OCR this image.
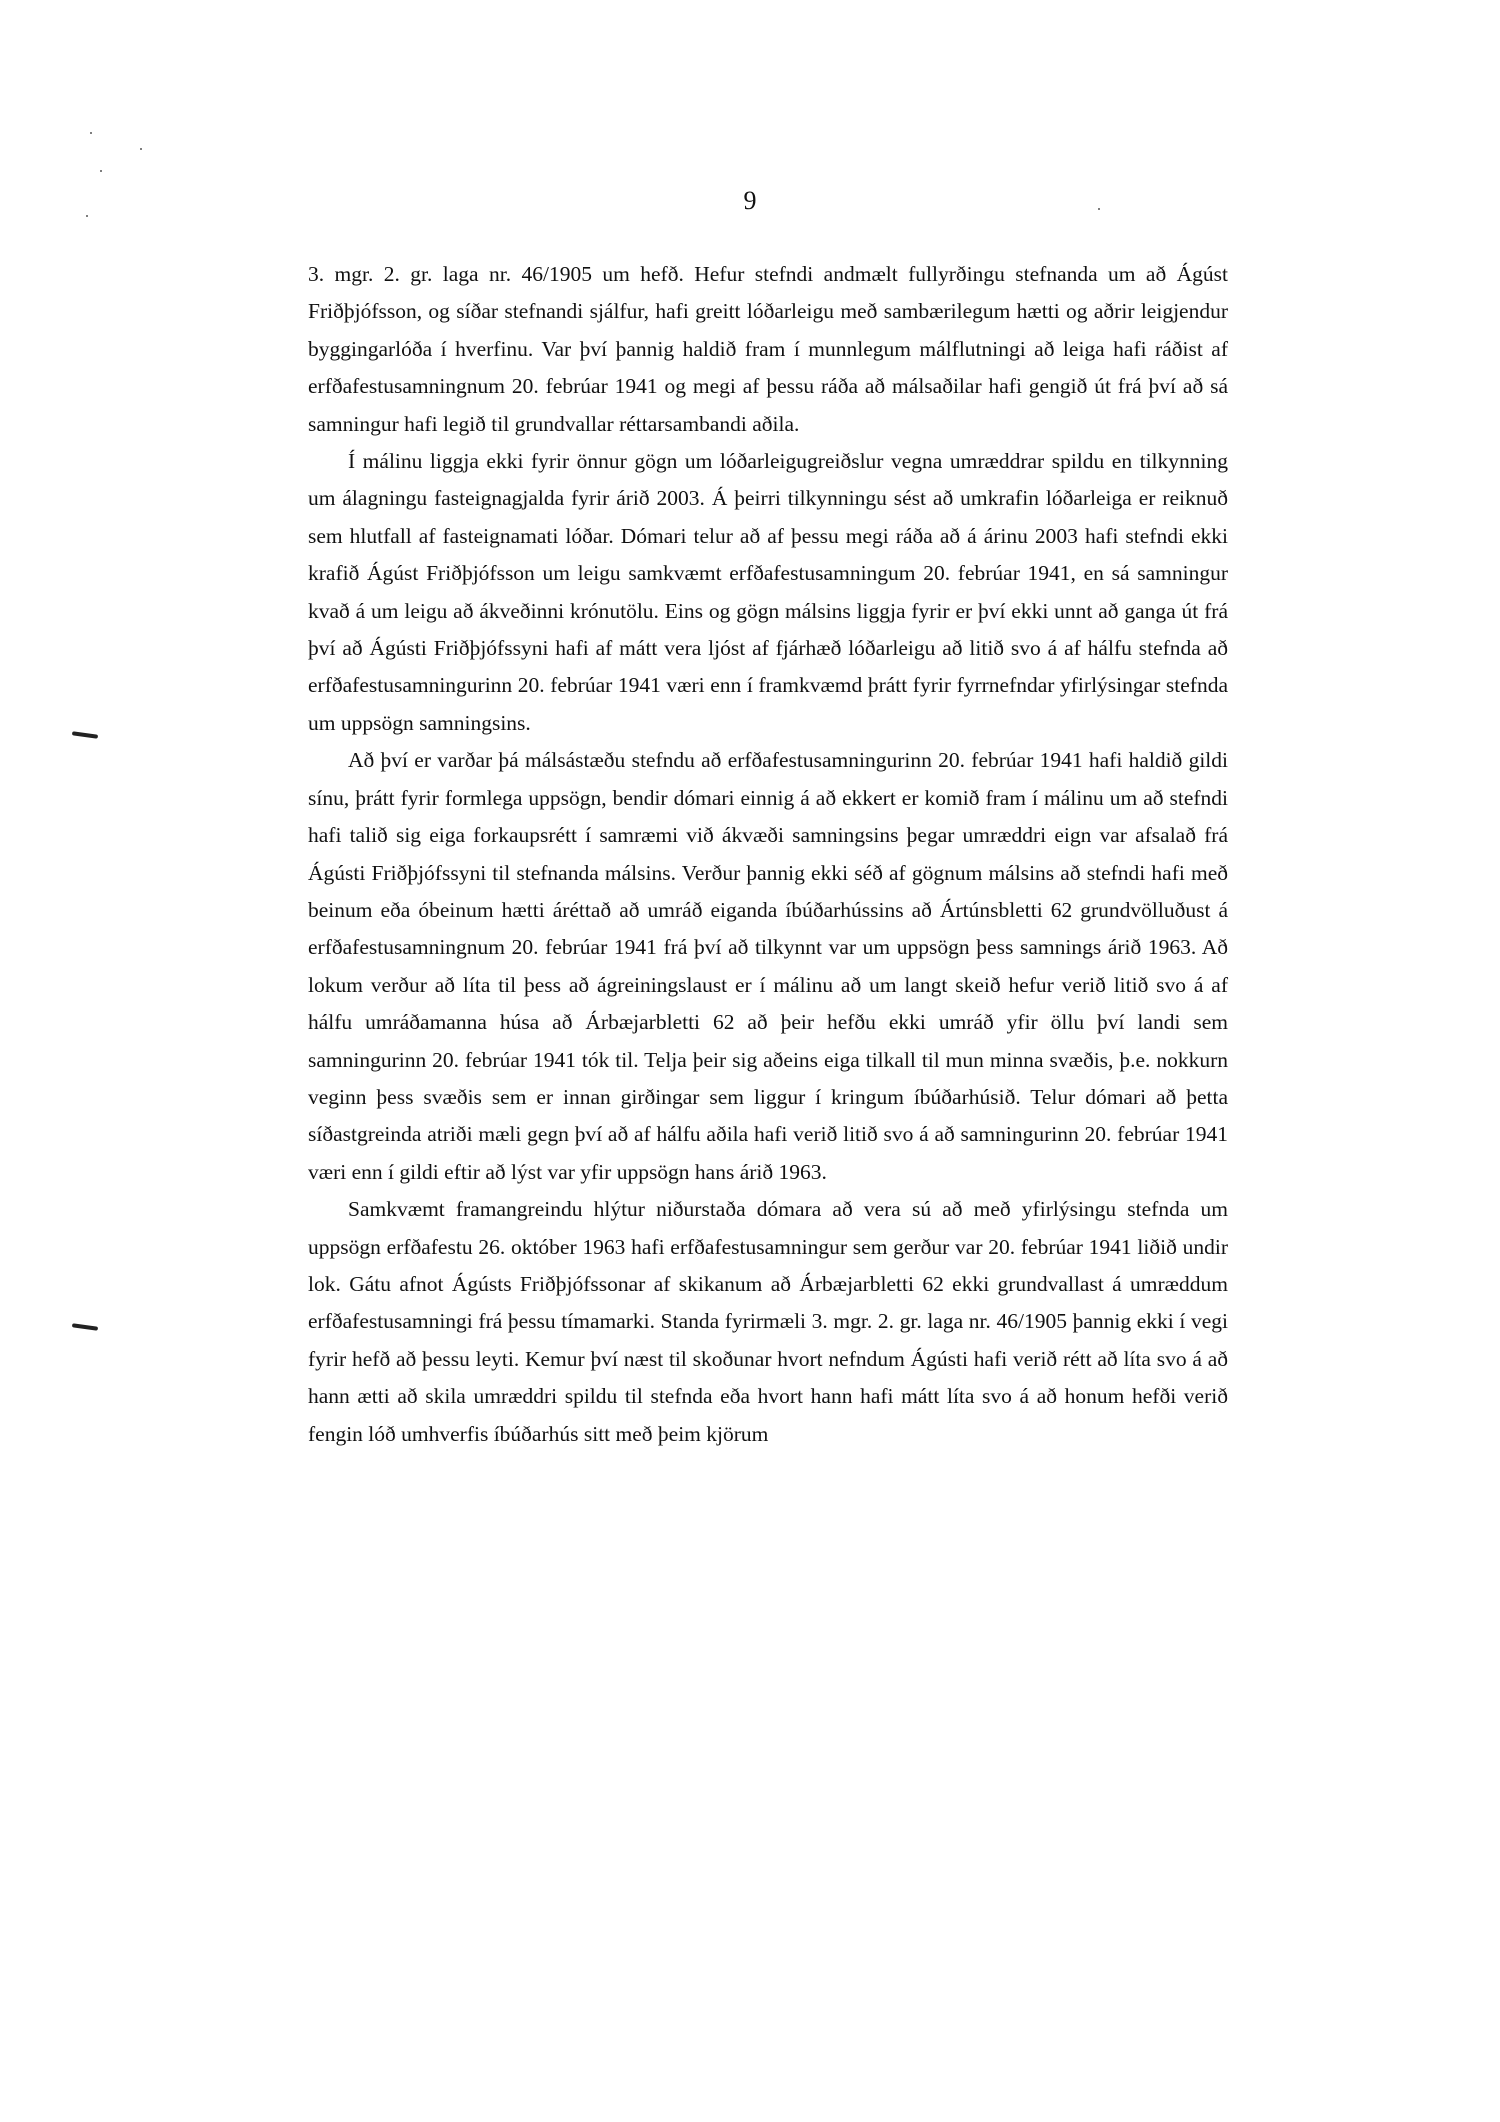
9

3. mgr. 2. gr. laga nr. 46/1905 um hefð. Hefur stefndi andmælt fullyrðingu stefnanda um að Ágúst Friðþjófsson, og síðar stefnandi sjálfur, hafi greitt lóðarleigu með sambærilegum hætti og aðrir leigjendur byggingarlóða í hverfinu. Var því þannig haldið fram í munnlegum málflutningi að leiga hafi ráðist af erfðafestusamningnum 20. febrúar 1941 og megi af þessu ráða að málsaðilar hafi gengið út frá því að sá samningur hafi legið til grundvallar réttarsambandi aðila.

Í málinu liggja ekki fyrir önnur gögn um lóðarleigugreiðslur vegna umræddrar spildu en tilkynning um álagningu fasteignagjalda fyrir árið 2003. Á þeirri tilkynningu sést að umkrafin lóðarleiga er reiknuð sem hlutfall af fasteignamati lóðar. Dómari telur að af þessu megi ráða að á árinu 2003 hafi stefndi ekki krafið Ágúst Friðþjófsson um leigu samkvæmt erfðafestusamningum 20. febrúar 1941, en sá samningur kvað á um leigu að ákveðinni krónutölu. Eins og gögn málsins liggja fyrir er því ekki unnt að ganga út frá því að Ágústi Friðþjófssyni hafi af mátt vera ljóst af fjárhæð lóðarleigu að litið svo á af hálfu stefnda að erfðafestusamningurinn 20. febrúar 1941 væri enn í framkvæmd þrátt fyrir fyrrnefndar yfirlýsingar stefnda um uppsögn samningsins.

Að því er varðar þá málsástæðu stefndu að erfðafestusamningurinn 20. febrúar 1941 hafi haldið gildi sínu, þrátt fyrir formlega uppsögn, bendir dómari einnig á að ekkert er komið fram í málinu um að stefndi hafi talið sig eiga forkaupsrétt í samræmi við ákvæði samningsins þegar umræddri eign var afsalað frá Ágústi Friðþjófssyni til stefnanda málsins. Verður þannig ekki séð af gögnum málsins að stefndi hafi með beinum eða óbeinum hætti áréttað að umráð eiganda íbúðarhússins að Ártúnsbletti 62 grundvölluðust á erfðafestusamningnum 20. febrúar 1941 frá því að tilkynnt var um uppsögn þess samnings árið 1963. Að lokum verður að líta til þess að ágreiningslaust er í málinu að um langt skeið hefur verið litið svo á af hálfu umráðamanna húsa að Árbæjarbletti 62 að þeir hefðu ekki umráð yfir öllu því landi sem samningurinn 20. febrúar 1941 tók til. Telja þeir sig aðeins eiga tilkall til mun minna svæðis, þ.e. nokkurn veginn þess svæðis sem er innan girðingar sem liggur í kringum íbúðarhúsið. Telur dómari að þetta síðastgreinda atriði mæli gegn því að af hálfu aðila hafi verið litið svo á að samningurinn 20. febrúar 1941 væri enn í gildi eftir að lýst var yfir uppsögn hans árið 1963.

Samkvæmt framangreindu hlýtur niðurstaða dómara að vera sú að með yfirlýsingu stefnda um uppsögn erfðafestu 26. október 1963 hafi erfðafestusamningur sem gerður var 20. febrúar 1941 liðið undir lok. Gátu afnot Ágústs Friðþjófssonar af skikanum að Árbæjarbletti 62 ekki grundvallast á umræddum erfðafestusamningi frá þessu tímamarki. Standa fyrirmæli 3. mgr. 2. gr. laga nr. 46/1905 þannig ekki í vegi fyrir hefð að þessu leyti. Kemur því næst til skoðunar hvort nefndum Ágústi hafi verið rétt að líta svo á að hann ætti að skila umræddri spildu til stefnda eða hvort hann hafi mátt líta svo á að honum hefði verið fengin lóð umhverfis íbúðarhús sitt með þeim kjörum
